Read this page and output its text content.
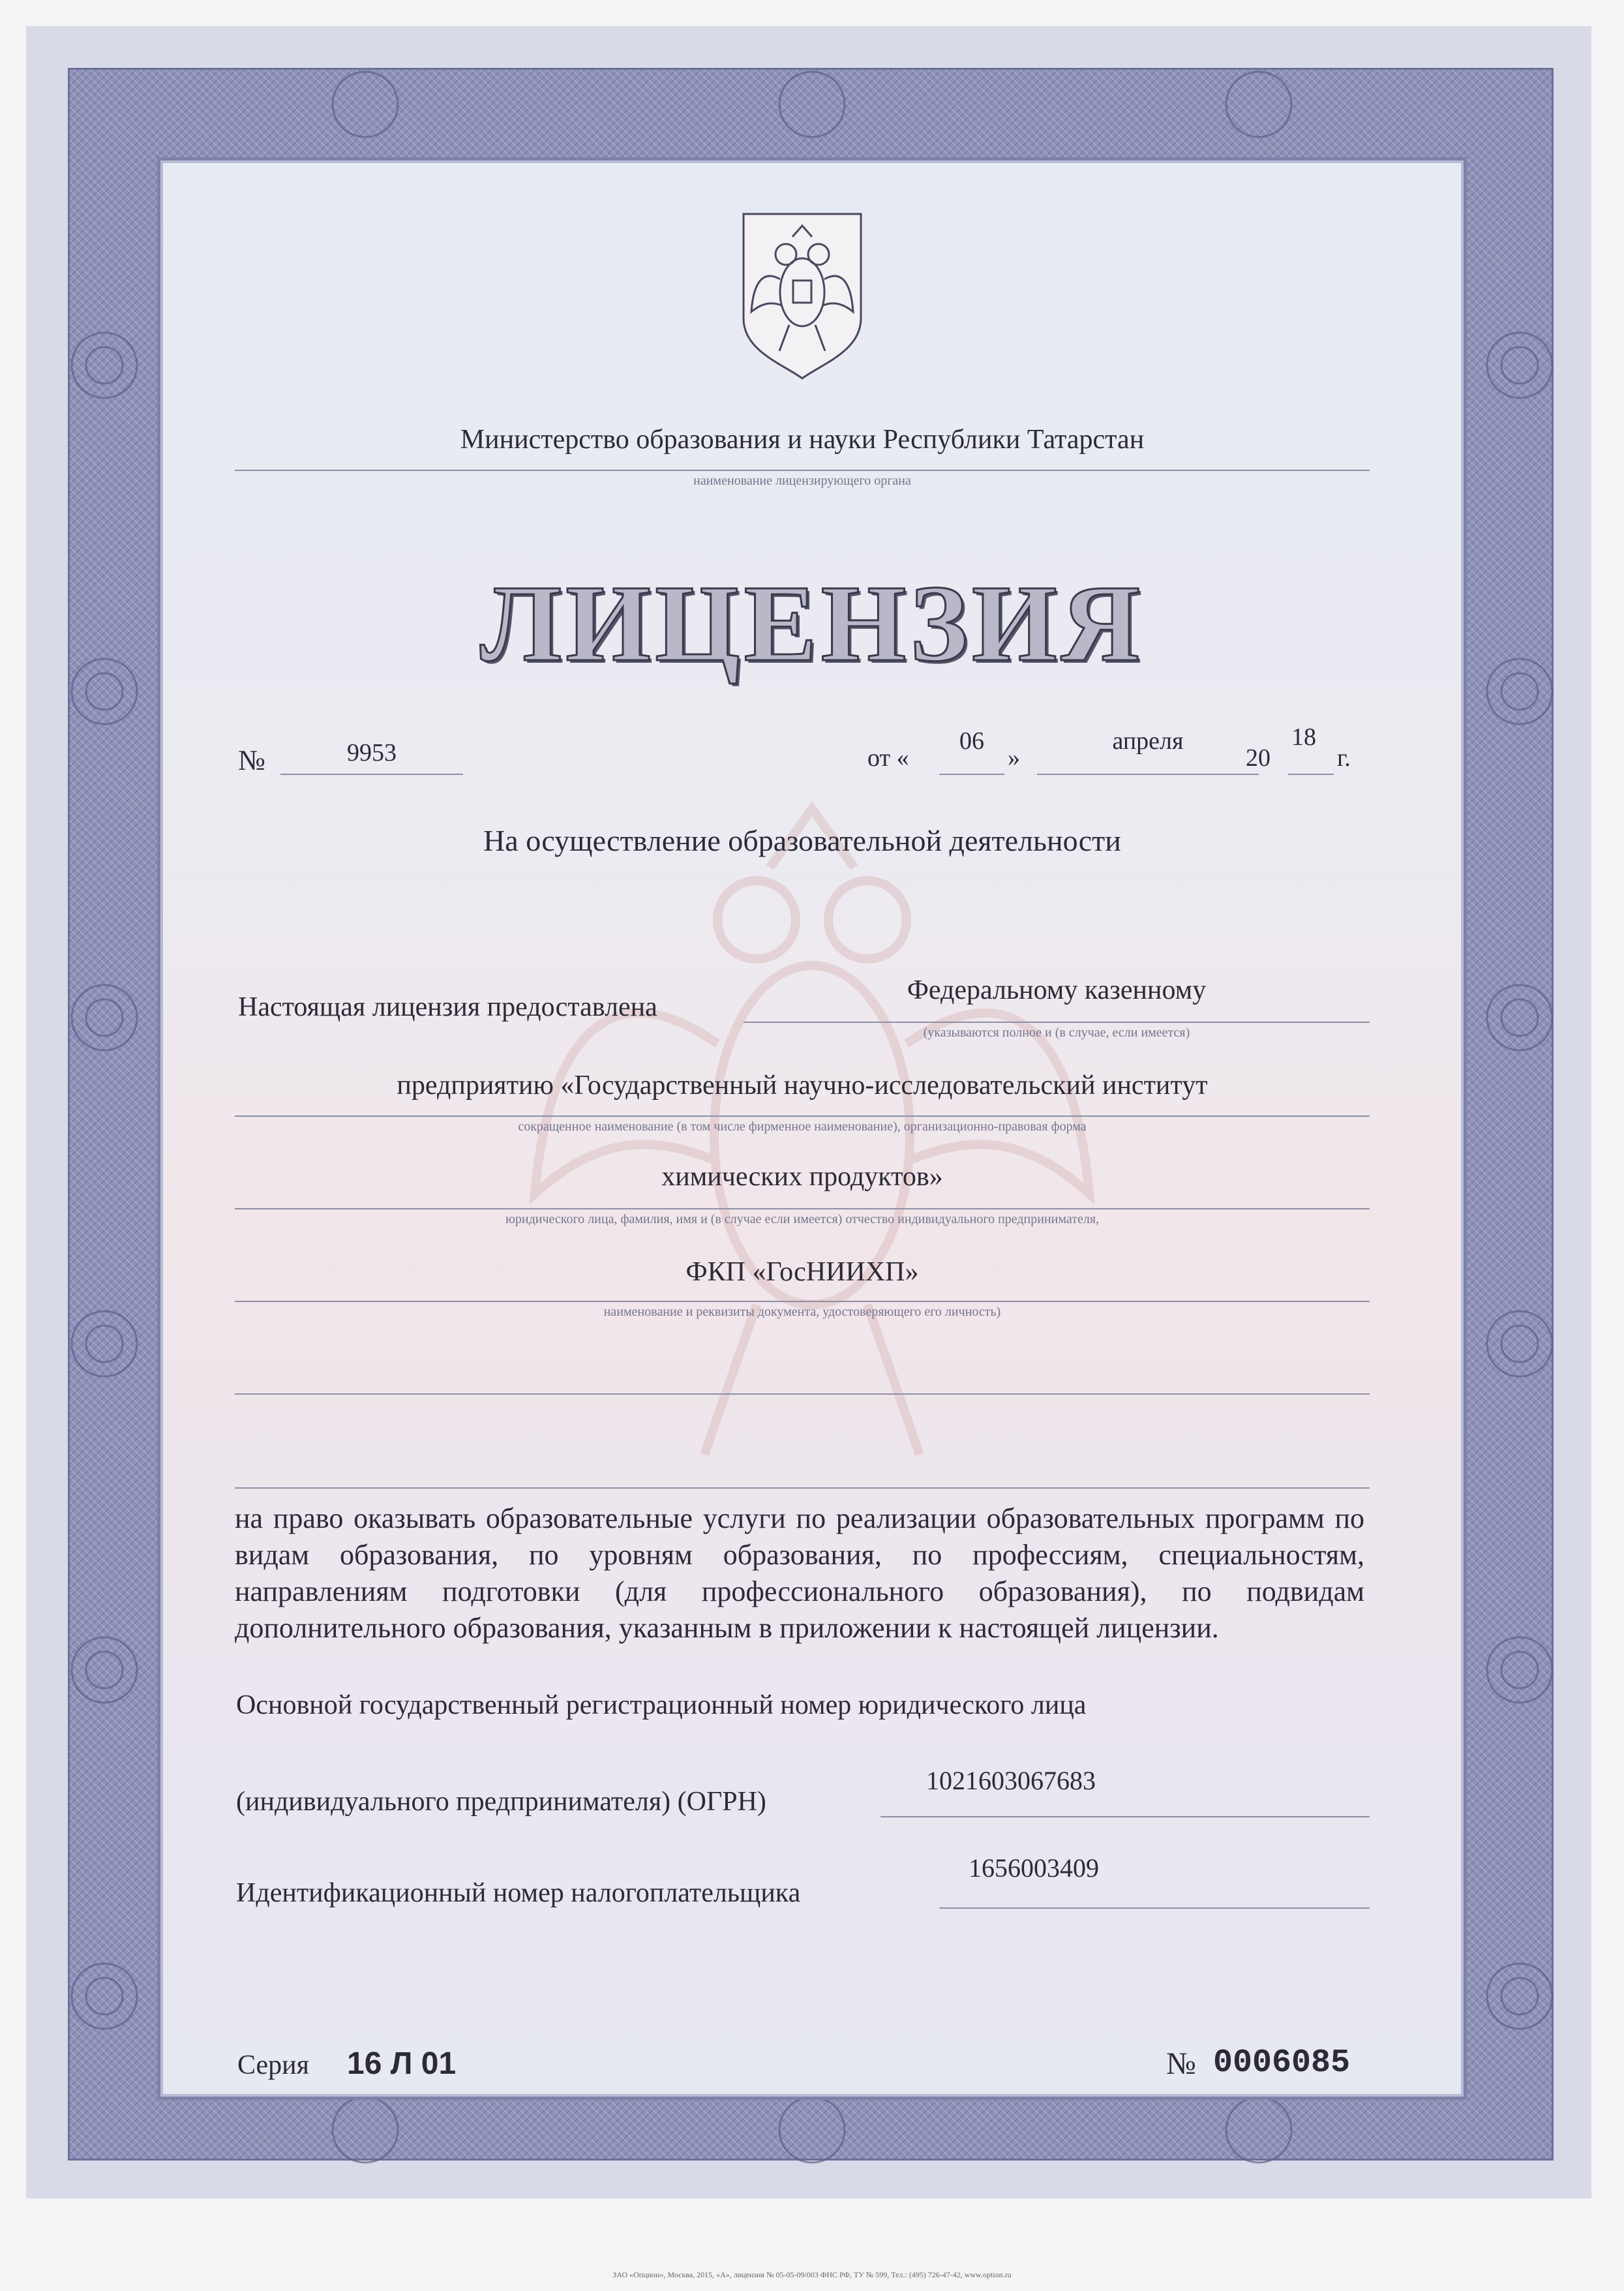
Министерство образования и науки Республики Татарстан
наименование лицензирующего органа
ЛИЦЕНЗИЯ
№	9953	от «
06
»
апреля
20
18
г.
На осуществление образовательной деятельности
Настоящая лицензия предоставлена
Федеральному казенному
(указываются полное и (в случае, если имеется)
предприятию «Государственный научно-исследовательский институт
сокращенное наименование (в том числе фирменное наименование), организационно-правовая форма
химических продуктов»
юридического лица, фамилия, имя и (в случае если имеется) отчество индивидуального предпринимателя,
ФКП «ГосНИИХП»
наименование и реквизиты документа, удостоверяющего его личность)
на право оказывать образовательные услуги по реализации образовательных программ по видам образования, по уровням образования, по профессиям, специальностям, направлениям подготовки (для профессионального образования), по подвидам дополнительного образования, указанным в приложении к настоящей лицензии.
Основной государственный регистрационный номер юридического лица
(индивидуального предпринимателя) (ОГРН)
1021603067683
Идентификационный номер налогоплательщика
1656003409
Серия 16 Л 01	№ 0006085
ЗАО «Опцион», Москва, 2015, «А», лицензия № 05-05-09/003 ФНС РФ, ТУ № 599, Тел.: (495) 726-47-42, www.option.ru
